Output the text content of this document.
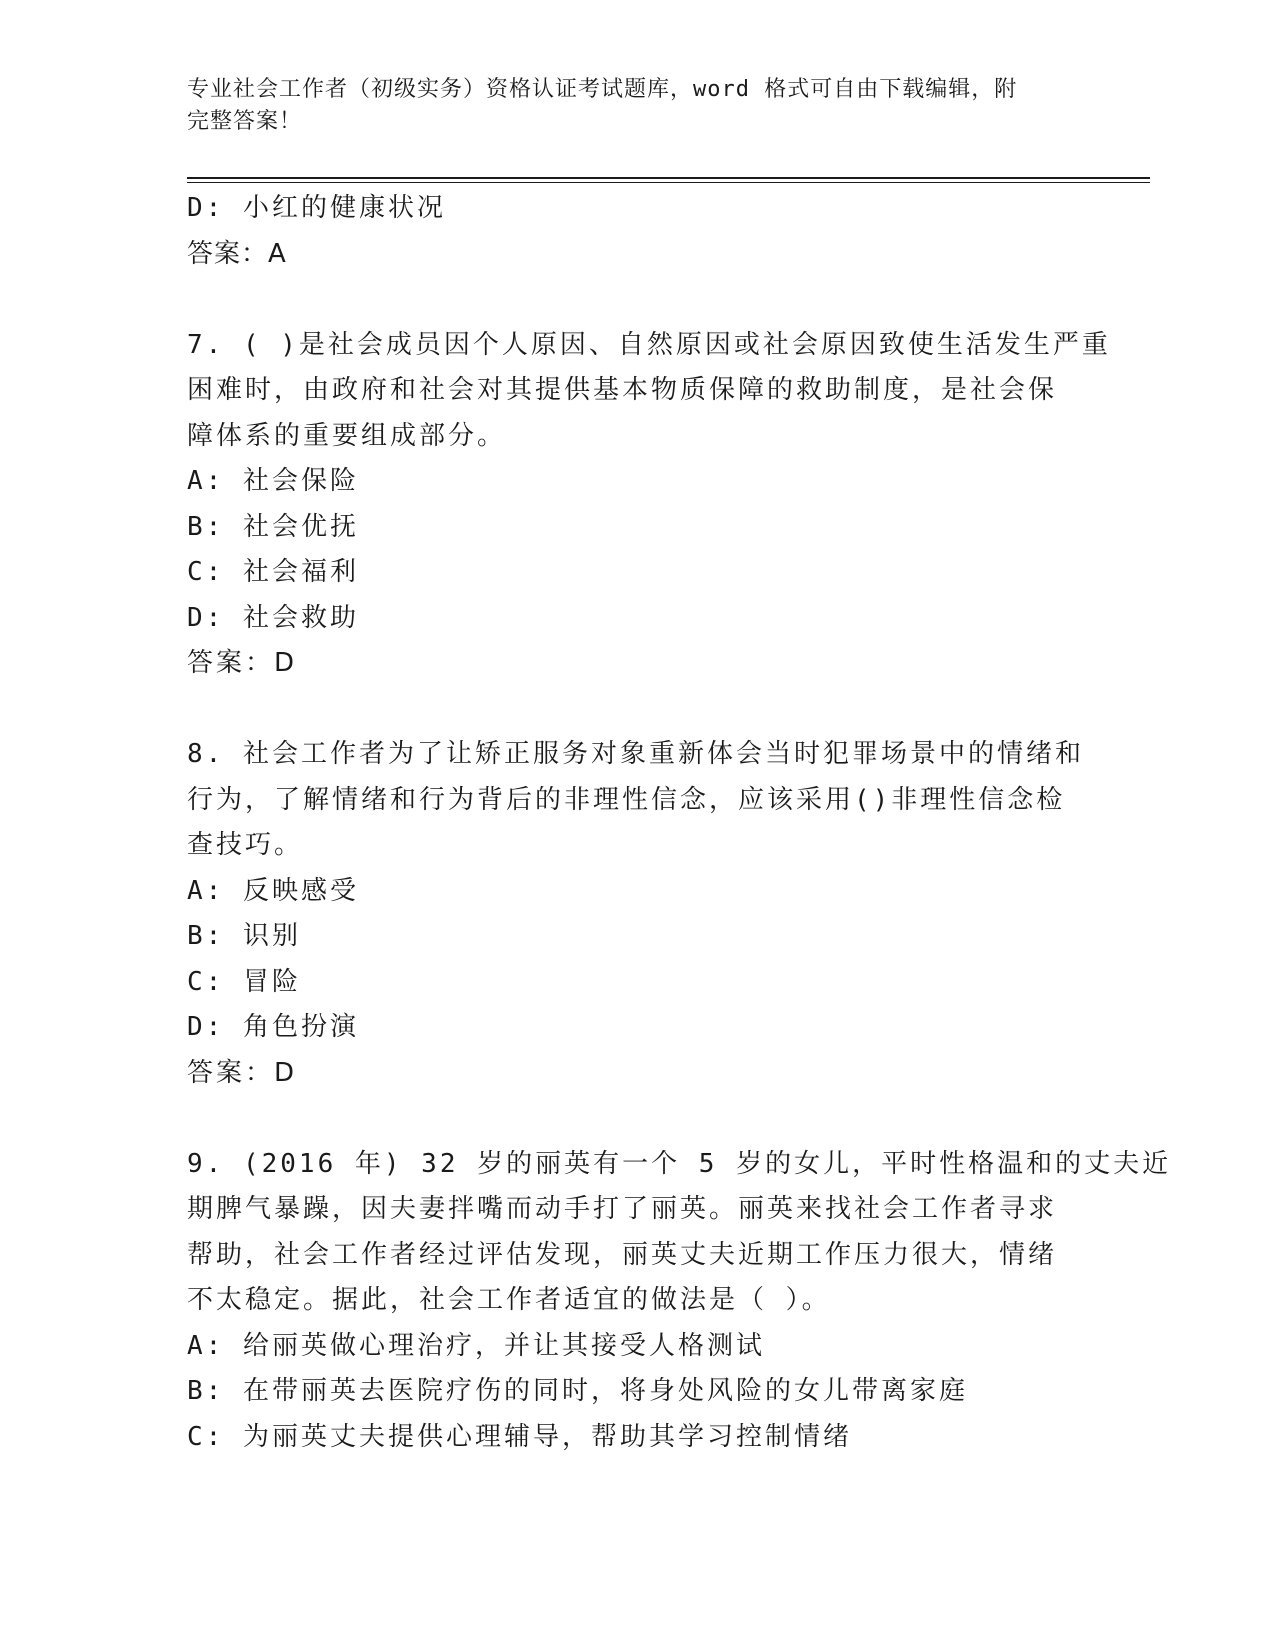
专业社会工作者（初级实务）资格认证考试题库，word 格式可自由下载编辑，附
完整答案！
D: 小红的健康状况
答案：A
7. ( )是社会成员因个人原因、自然原因或社会原因致使生活发生严重
困难时，由政府和社会对其提供基本物质保障的救助制度，是社会保
障体系的重要组成部分。
A: 社会保险
B: 社会优抚
C: 社会福利
D: 社会救助
答案：D
8. 社会工作者为了让矫正服务对象重新体会当时犯罪场景中的情绪和
行为，了解情绪和行为背后的非理性信念，应该采用()非理性信念检
查技巧。
A: 反映感受
B: 识别
C: 冒险
D: 角色扮演
答案：D
9. (2016 年) 32 岁的丽英有一个 5 岁的女儿，平时性格温和的丈夫近
期脾气暴躁，因夫妻拌嘴而动手打了丽英。丽英来找社会工作者寻求
帮助，社会工作者经过评估发现，丽英丈夫近期工作压力很大，情绪
不太稳定。据此，社会工作者适宜的做法是（ ）。
A: 给丽英做心理治疗，并让其接受人格测试
B: 在带丽英去医院疗伤的同时，将身处风险的女儿带离家庭
C: 为丽英丈夫提供心理辅导，帮助其学习控制情绪
